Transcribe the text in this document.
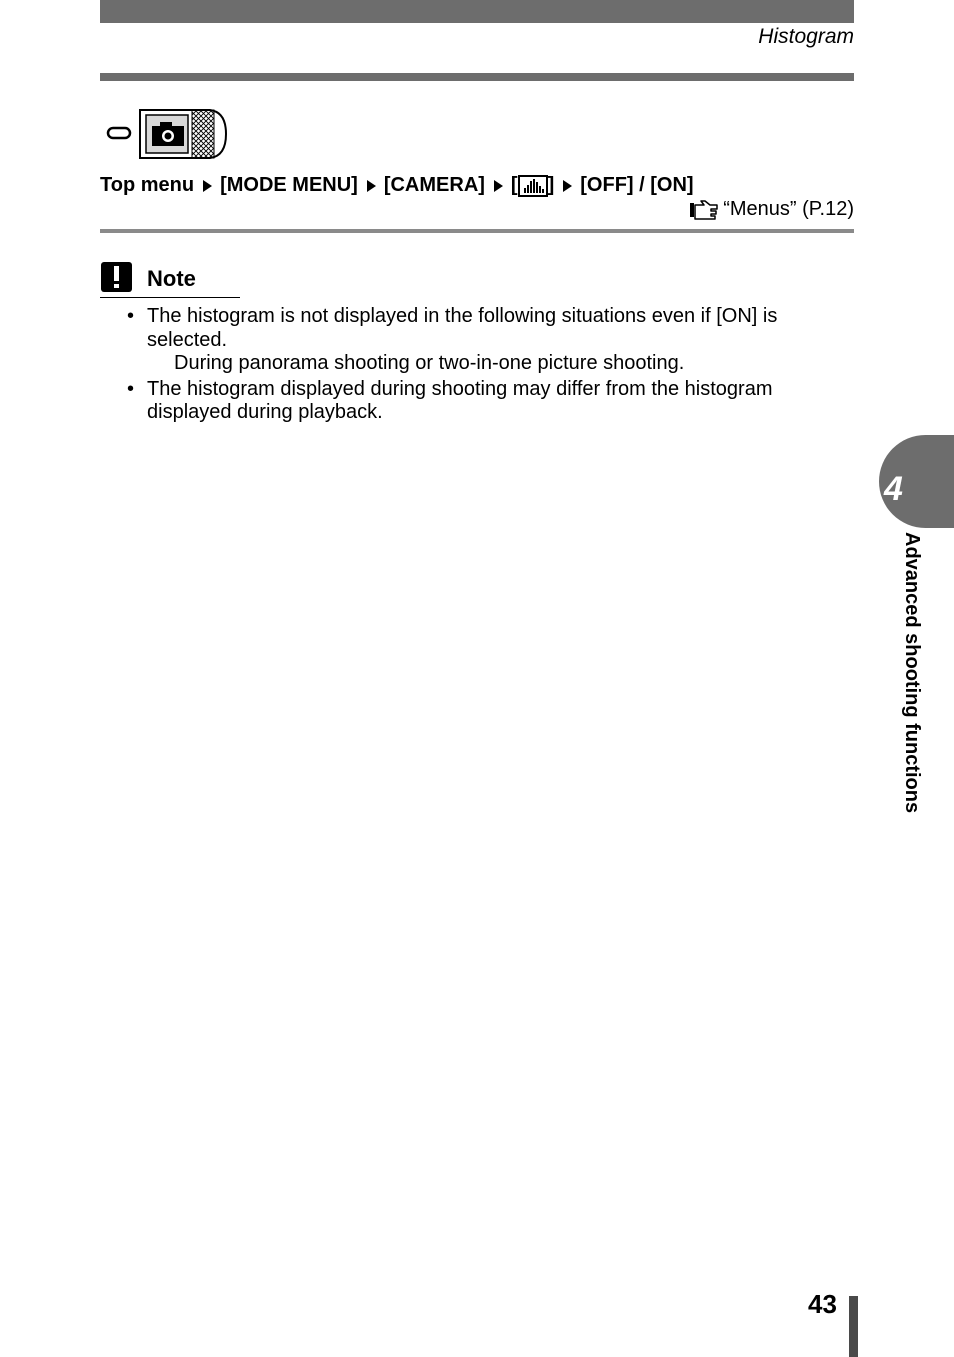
Histogram
Top menu [MODE MENU] [CAMERA] [ ] [OFF] / [ON]
“Menus” (P.12)
Note
• The histogram is not displayed in the following situations even if [ON] is selected.
During panorama shooting or two-in-one picture shooting.
• The histogram displayed during shooting may differ from the histogram displayed during playback.
4
Advanced shooting functions
43
